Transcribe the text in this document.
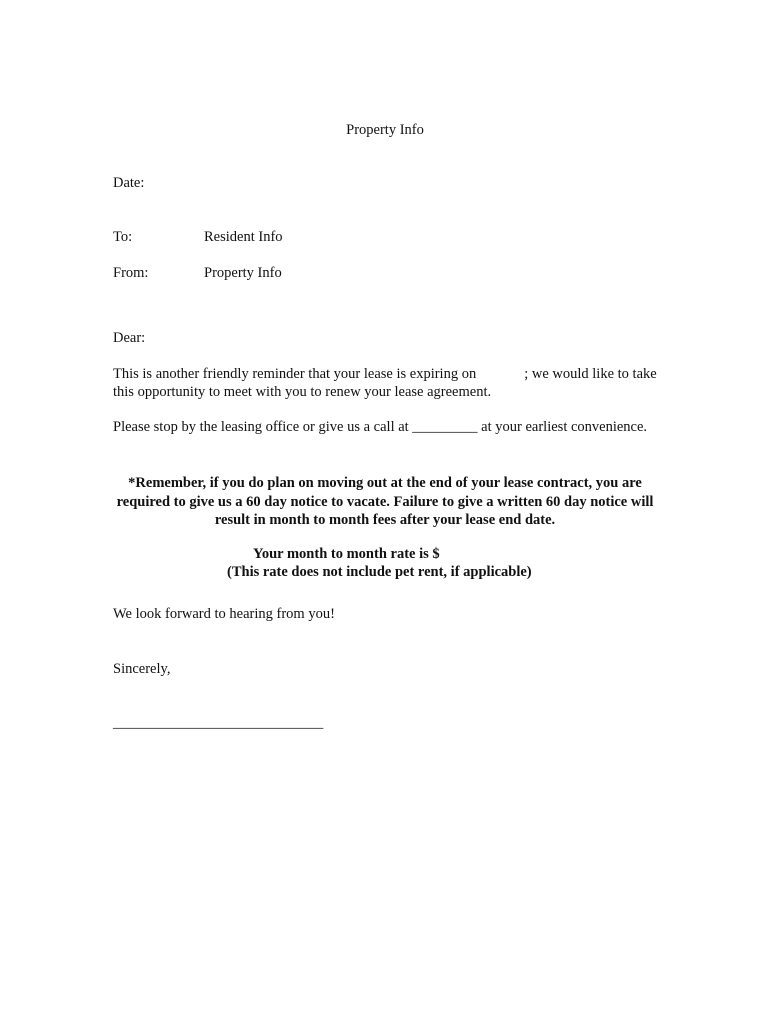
Property Info
Date:
To:	Resident Info
From:	Property Info
Dear:
This is another friendly reminder that your lease is expiring on	; we would like to take this opportunity to meet with you to renew your lease agreement.
Please stop by the leasing office or give us a call at _________ at your earliest convenience.
*Remember, if you do plan on moving out at the end of your lease contract, you are required to give us a 60 day notice to vacate. Failure to give a written 60 day notice will result in month to month fees after your lease end date.
Your month to month rate is $
(This rate does not include pet rent, if applicable)
We look forward to hearing from you!
Sincerely,
_____________________________
